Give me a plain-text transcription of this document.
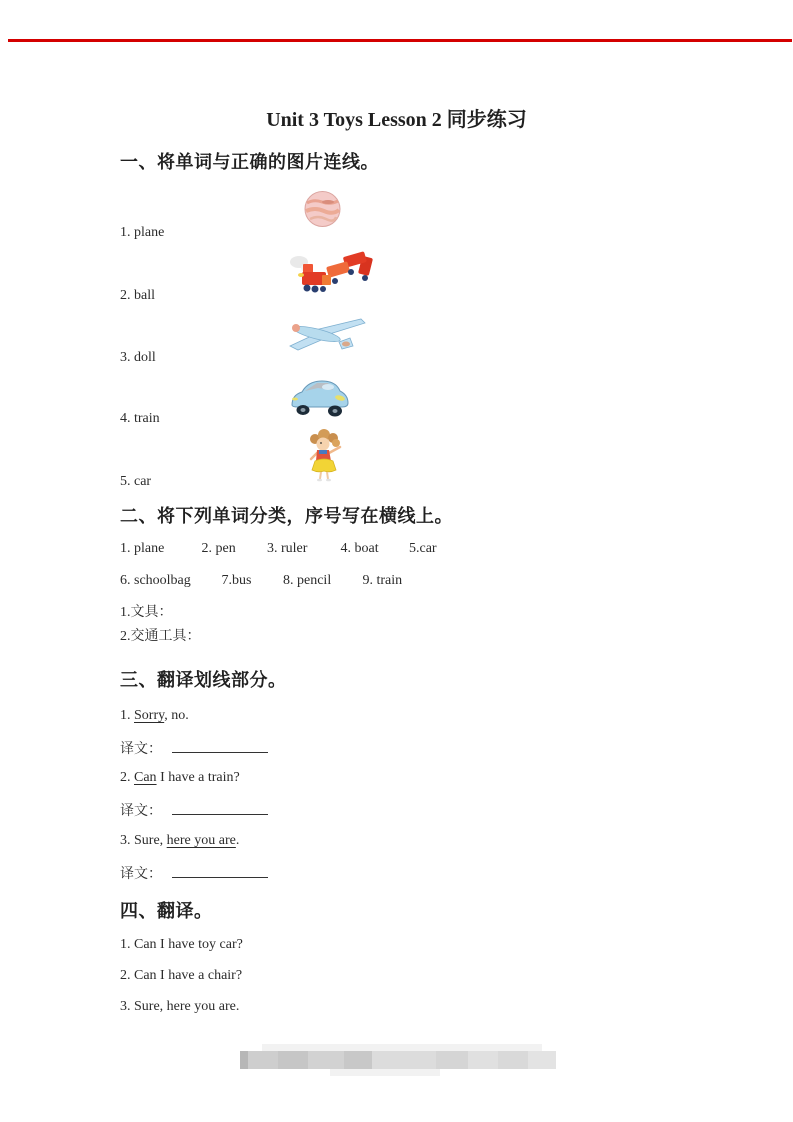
Unit 3 Toys Lesson 2 同步练习
一、将单词与正确的图片连线。

1. plane

2. ball

3. doll

4. train

5. car

二、将下列单词分类，序号写在横线上。

1. plane	2. pen 3. ruler 4. boat 5.car

6. schoolbag 7.bus 8. pencil 9. train

1.文具：

2.交通工具：

三、翻译划线部分。

1. Sorry, no.

译文：

2. Can I have a train?

译文：

3. Sure, here you are.

译文：

四、翻译。

1. Can I have toy car?

2. Can I have a chair?

3. Sure, here you are.
